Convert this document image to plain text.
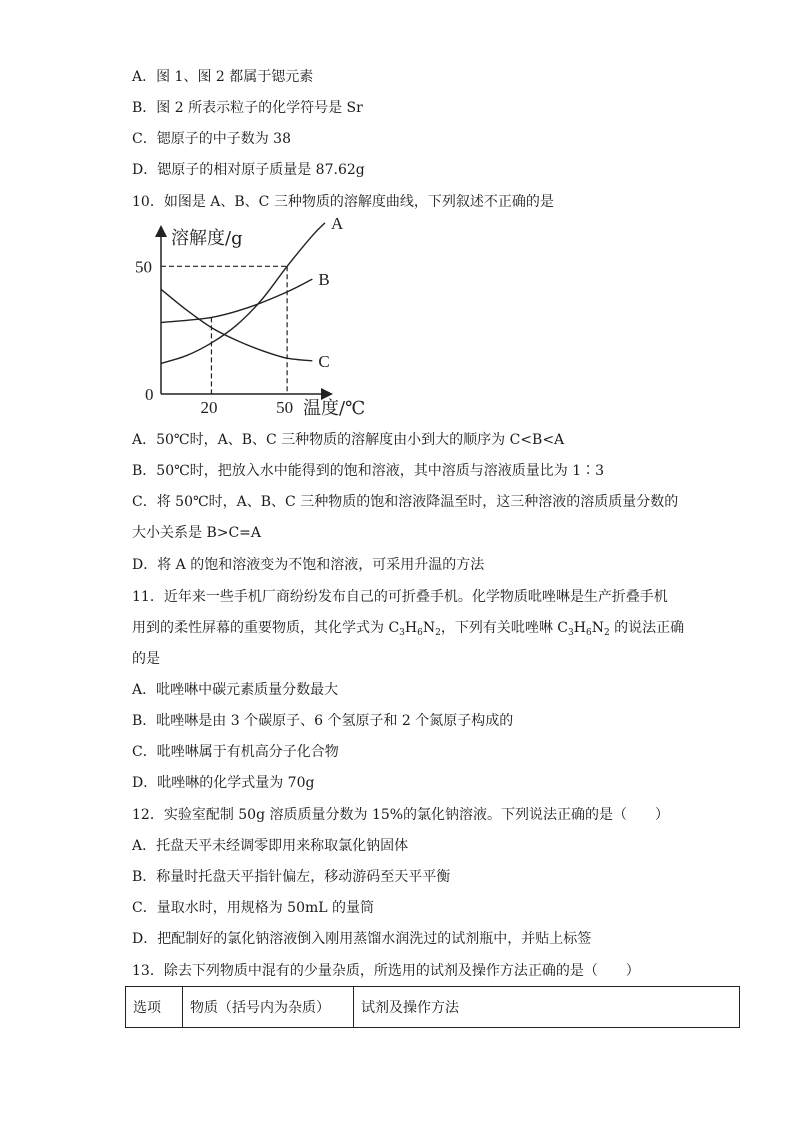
A．图 1、图 2 都属于锶元素
B．图 2 所表示粒子的化学符号是 Sr
C．锶原子的中子数为 38
D．锶原子的相对原子质量是 87.62g
10．如图是 A、B、C 三种物质的溶解度曲线，下列叙述不正确的是
A
B
C
溶解度/g
温度/℃
0
50
20	50
A．50℃时，A、B、C 三种物质的溶解度由小到大的顺序为 C<B<A
B．50℃时，把放入水中能得到的饱和溶液，其中溶质与溶液质量比为 1∶3
C．将 50℃时，A、B、C 三种物质的饱和溶液降温至时，这三种溶液的溶质质量分数的
大小关系是 B>C=A
D．将 A 的饱和溶液变为不饱和溶液，可采用升温的方法
11．近年来一些手机厂商纷纷发布自己的可折叠手机。化学物质吡唑啉是生产折叠手机
用到的柔性屏幕的重要物质，其化学式为 $C_3H_6N_2$，下列有关吡唑啉 $C_3H_6N_2$ 的说法正确
的是
A．吡唑啉中碳元素质量分数最大
B．吡唑啉是由 3 个碳原子、6 个氢原子和 2 个氮原子构成的
C．吡唑啉属于有机高分子化合物
D．吡唑啉的化学式量为 70g
12．实验室配制 50g 溶质质量分数为 15%的氯化钠溶液。下列说法正确的是（　　）
A．托盘天平未经调零即用来称取氯化钠固体
B．称量时托盘天平指针偏左，移动游码至天平平衡
C．量取水时，用规格为 50mL 的量筒
D．把配制好的氯化钠溶液倒入刚用蒸馏水润洗过的试剂瓶中，并贴上标签
13．除去下列物质中混有的少量杂质，所选用的试剂及操作方法正确的是（　　）
选项	物质（括号内为杂质）	试剂及操作方法
